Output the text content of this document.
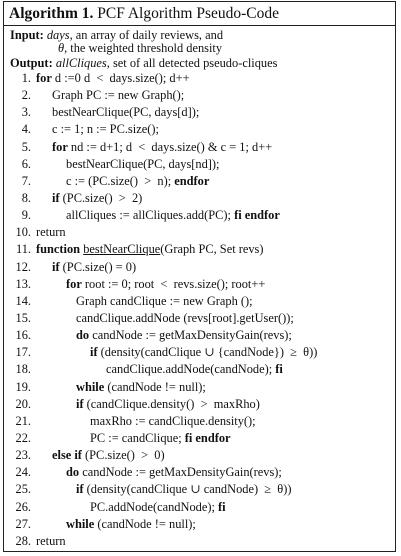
Algorithm 1. PCF Algorithm Pseudo-Code
Input: days, an array of daily reviews, and
θ, the weighted threshold density
Output: allCliques, set of all detected pseudo-cliques
1. for d :=0 d  <  days.size(); d++
2.	Graph PC := new Graph();
3.	bestNearClique(PC, days[d]);
4.	c := 1; n := PC.size();
5.	for nd := d+1; d  <  days.size() & c = 1; d++
6.	bestNearClique(PC, days[nd]);
7.	c := (PC.size()  >  n); endfor
8.	if (PC.size()  >  2)
9.	allCliques := allCliques.add(PC); fi endfor
10. return
11. function bestNearClique(Graph PC, Set revs)
12.	if (PC.size() = 0)
13.	for root := 0; root  <  revs.size(); root++
14.	Graph candClique := new Graph ();
15.	candClique.addNode (revs[root].getUser());
16.	do candNode := getMaxDensityGain(revs);
17.	if (density(candClique ∪ {candNode})  ≥  θ))
18.	candClique.addNode(candNode); fi
19.	while (candNode != null);
20.	if (candClique.density()  >  maxRho)
21.	maxRho := candClique.density();
22.	PC := candClique; fi endfor
23.	else if (PC.size()  >  0)
24.	do candNode := getMaxDensityGain(revs);
25.	if (density(candClique ∪ candNode)  ≥  θ))
26.	PC.addNode(candNode); fi
27.	while (candNode != null);
28. return
